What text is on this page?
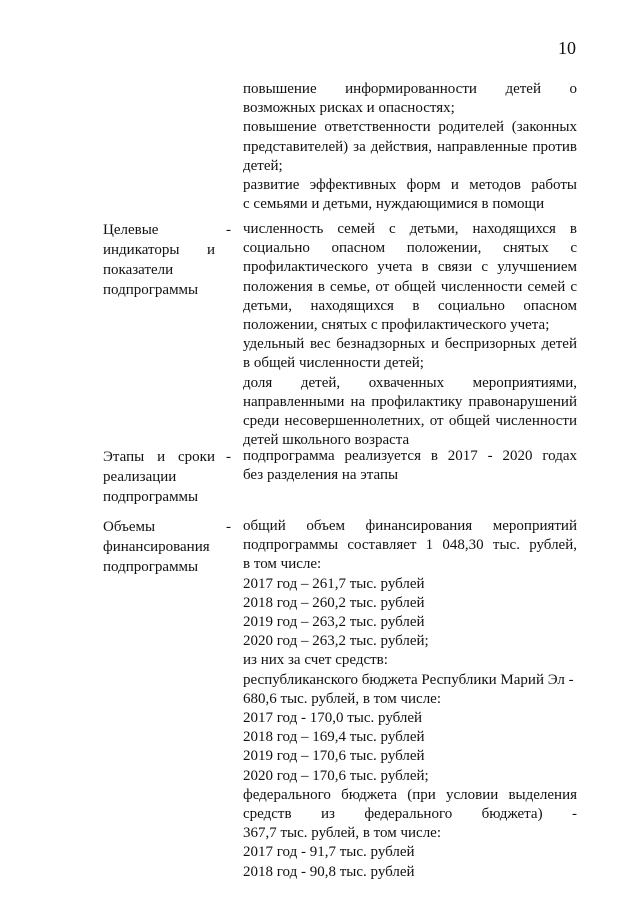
10
повышение информированности детей о
возможных рисках и опасностях;
повышение ответственности родителей (законных
представителей) за действия, направленные против
детей;
развитие эффективных форм и методов работы
с семьями и детьми, нуждающимися в помощи
Целевые
индикаторы и
показатели
подпрограммы
- численность семей с детьми, находящихся в
социально опасном положении, снятых с
профилактического учета в связи с улучшением
положения в семье, от общей численности семей с
детьми, находящихся в социально опасном
положении, снятых с профилактического учета;
удельный вес безнадзорных и беспризорных детей
в общей численности детей;
доля детей, охваченных мероприятиями,
направленными на профилактику правонарушений
среди несовершеннолетних, от общей численности
детей школьного возраста
Этапы и сроки
реализации
подпрограммы
- подпрограмма реализуется в 2017 - 2020 годах
без разделения на этапы
Объемы
финансирования
подпрограммы
- общий объем финансирования мероприятий
подпрограммы составляет 1 048,30 тыс. рублей,
в том числе:
2017 год – 261,7 тыс. рублей
2018 год – 260,2 тыс. рублей
2019 год – 263,2 тыс. рублей
2020 год – 263,2 тыс. рублей;
из них за счет средств:
республиканского бюджета Республики Марий Эл -
680,6 тыс. рублей, в том числе:
2017 год - 170,0 тыс. рублей
2018 год – 169,4 тыс. рублей
2019 год – 170,6 тыс. рублей
2020 год – 170,6 тыс. рублей;
федерального бюджета (при условии выделения
средств из федерального бюджета) -
367,7 тыс. рублей, в том числе:
2017 год - 91,7 тыс. рублей
2018 год - 90,8 тыс. рублей
